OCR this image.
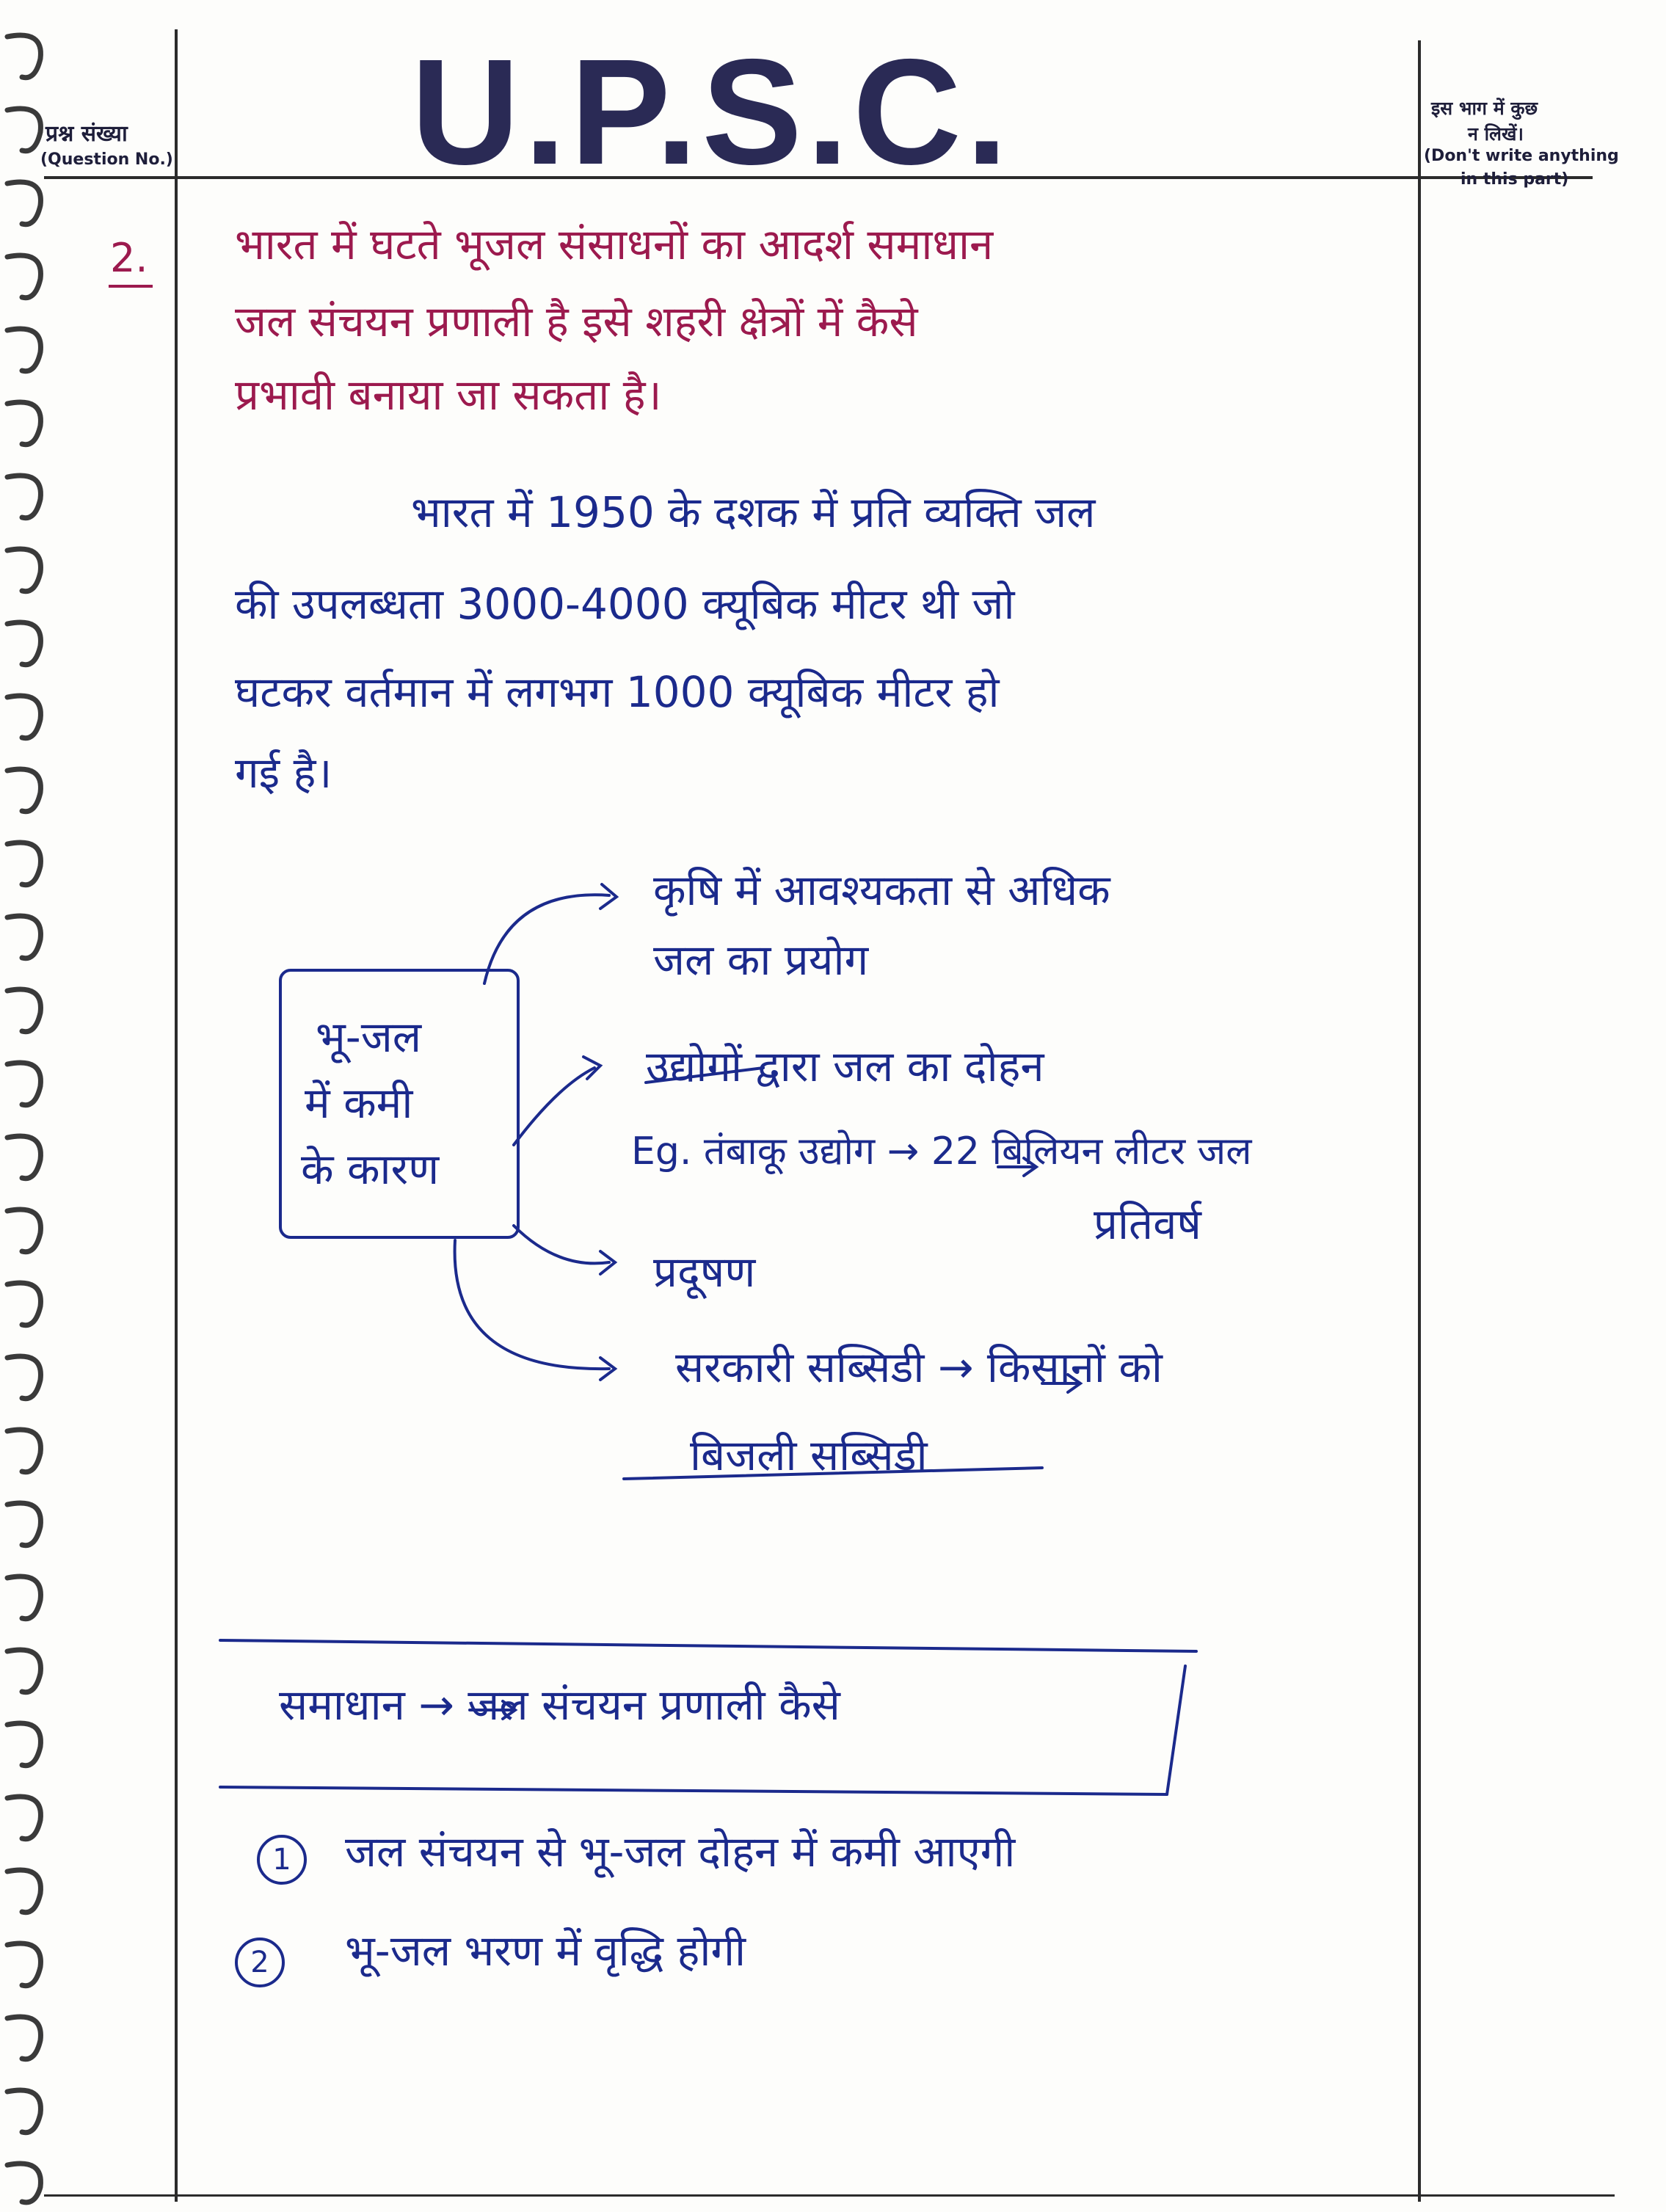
प्रश्न संख्या
(Question No.) U.P.S.C.	इस भाग में कुछ
न लिखें।
(Don't write anything
in this part)
2. भारत में घटते भूजल संसाधनों का आदर्श समाधान
जल संचयन प्रणाली है इसे शहरी क्षेत्रों में कैसे
प्रभावी बनाया जा सकता है।
भारत में 1950 के दशक में प्रति व्यक्ति जल
की उपलब्धता 3000-4000 क्यूबिक मीटर थी जो
घटकर वर्तमान में लगभग 1000 क्यूबिक मीटर हो
गई है।
भू-जल
में कमी
के कारण
कृषि में आवश्यकता से अधिक
जल का प्रयोग
उद्योगों द्वारा जल का दोहन
Eg. तंबाकू उद्योग → 22 बिलियन लीटर जल
प्रतिवर्ष
प्रदूषण
सरकारी सब्सिडी → किसानों को
बिजली सब्सिडी
समाधान → जल संचयन प्रणाली कैसे
1	जल संचयन से भू-जल दोहन में कमी आएगी
2	भू-जल भरण में वृद्धि होगी
